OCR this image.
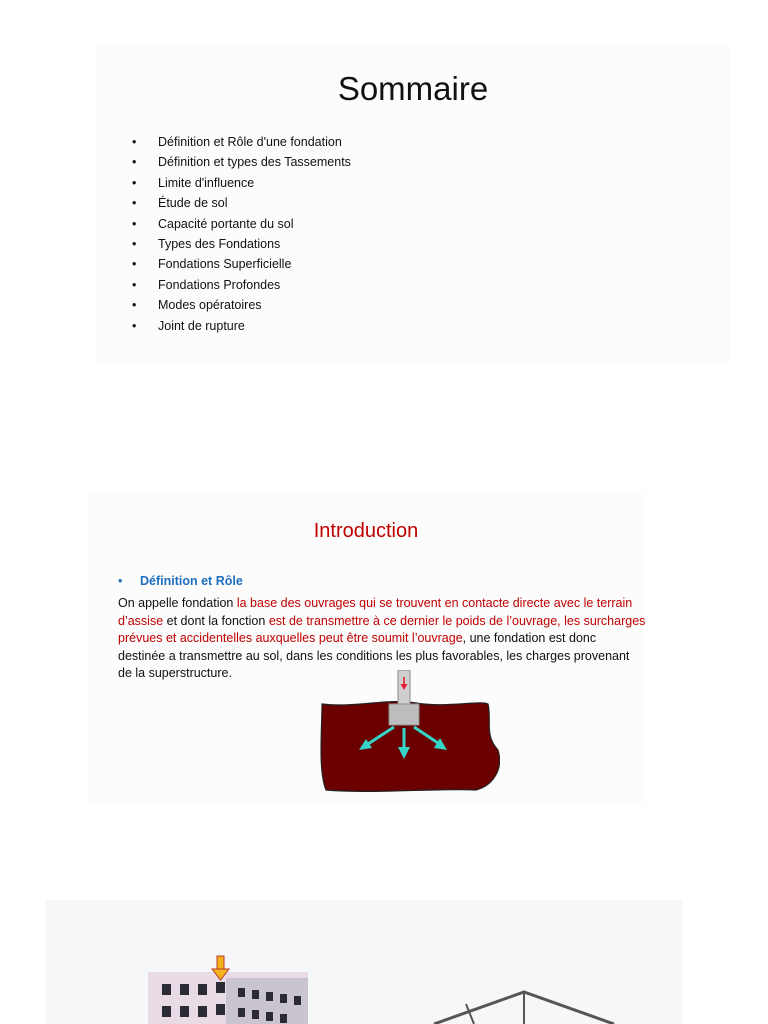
Sommaire
• Définition et Rôle d'une fondation
• Définition et types des Tassements
• Limite d'influence
• Étude de sol
• Capacité portante du sol
• Types des Fondations
• Fondations Superficielle
• Fondations Profondes
• Modes opératoires
• Joint de rupture
Introduction
• Définition et Rôle
On appelle fondation la base des ouvrages qui se trouvent en contacte directe avec le terrain d’assise et dont la fonction est de transmettre à ce dernier le poids de l’ouvrage, les surcharges prévues et accidentelles auxquelles peut être soumit l’ouvrage, une fondation est donc destinée a transmettre au sol, dans les conditions les plus favorables, les charges provenant de la superstructure.
